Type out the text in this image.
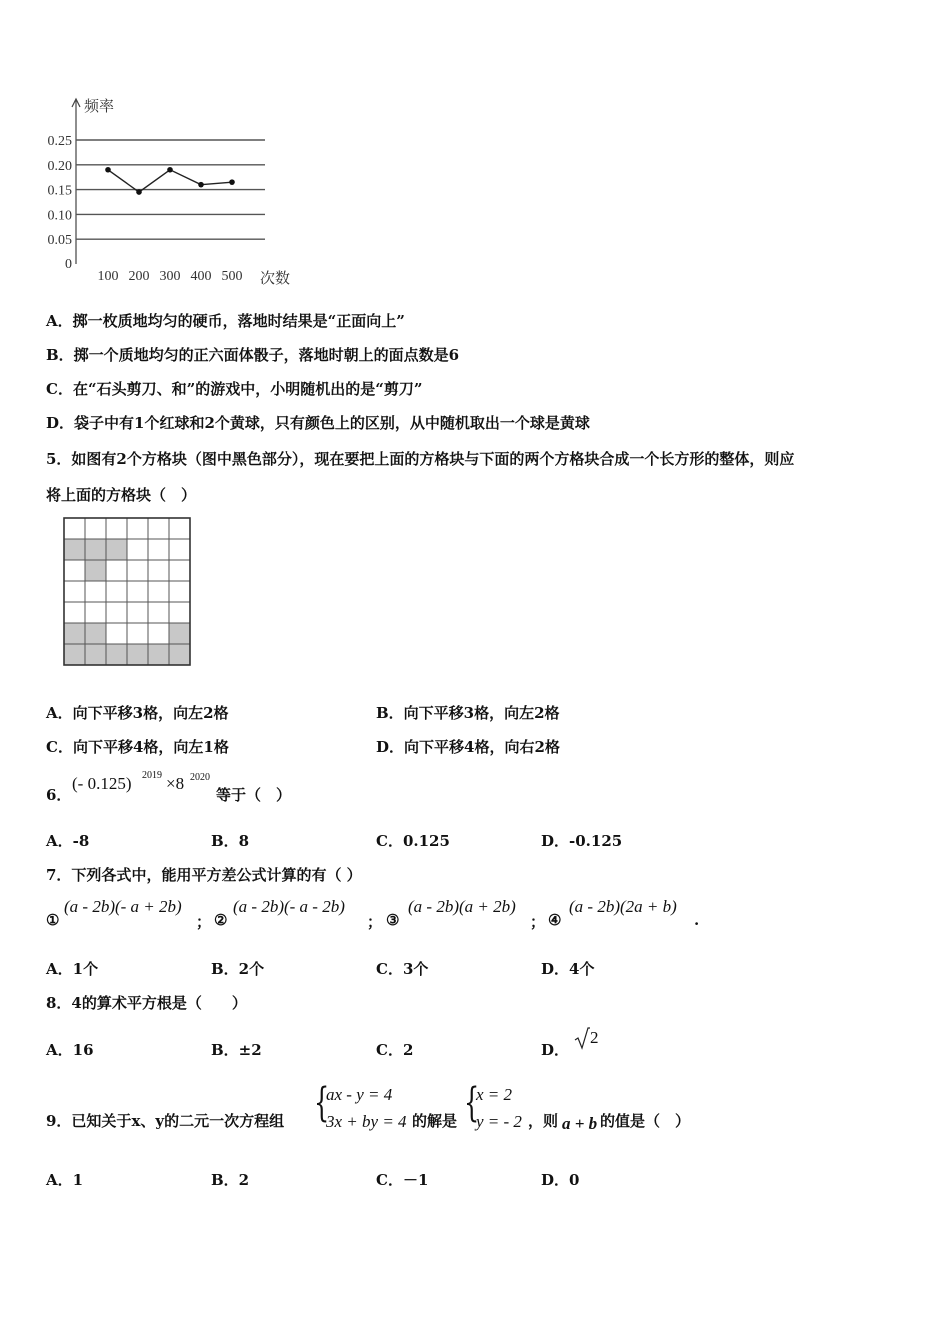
0.25
0.20
0.15
0.10
0.05
0
频率
100 200 300 400 500 次数
A．掷一枚质地均匀的硬币，落地时结果是“正面向上”
B．掷一个质地均匀的正六面体骰子，落地时朝上的面点数是6
C．在“石头剪刀、和”的游戏中，小明随机出的是“剪刀”
D．袋子中有1个红球和2个黄球，只有颜色上的区别，从中随机取出一个球是黄球
5．如图有2个方格块（图中黑色部分），现在要把上面的方格块与下面的两个方格块合成一个长方形的整体，则应
将上面的方格块（　）
A．向下平移3格，向左2格	B．向下平移3格，向左2格
C．向下平移4格，向左1格	D．向下平移4格，向右2格
6．
(- 0.125) 2019 ×8 2020
等于（　）
A．-8	B．8	C．0.125	D．-0.125
7．下列各式中，能用平方差公式计算的有（ ）
①
(a - 2b)(- a + 2b)
； ②
(a - 2b)(- a - 2b)
； ③
(a - 2b)(a + 2b)
； ④
(a - 2b)(2a + b)
.
A．1个	B．2个	C．3个	D．4个
8．4的算术平方根是（　　）
A．16	B．±2	C．2	D．
2
9．已知关于x、y的二元一次方程组 {
ax - y = 4
3x + by = 4 的解是 {
x = 2
y = - 2 ，则 a + b 的值是（　）
A．1	B．2	C．－1	D．0
